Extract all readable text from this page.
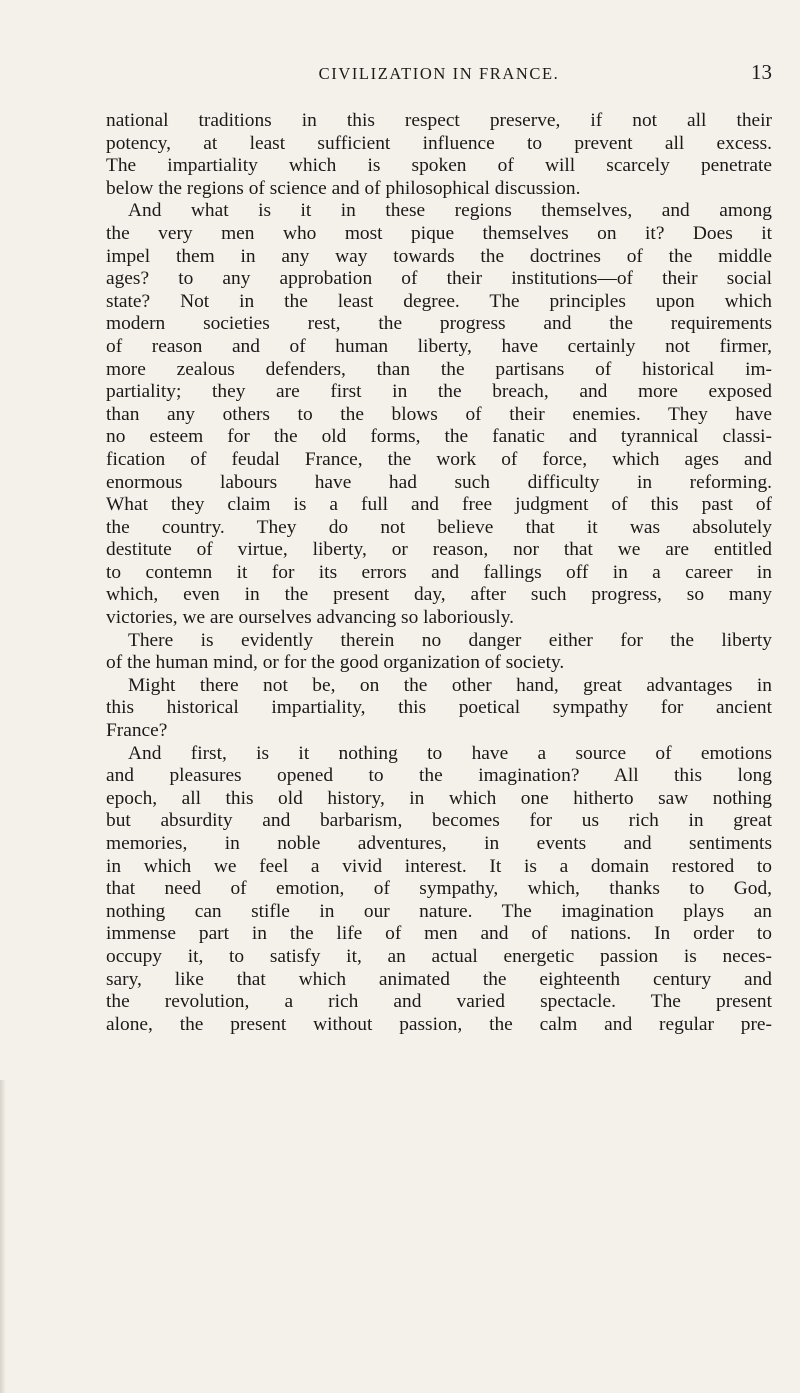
CIVILIZATION IN FRANCE.	13
national traditions in this respect preserve, if not all their
potency, at least sufficient influence to prevent all excess.
The impartiality which is spoken of will scarcely penetrate
below the regions of science and of philosophical discussion.
And what is it in these regions themselves, and among
the very men who most pique themselves on it? Does it
impel them in any way towards the doctrines of the middle
ages? to any approbation of their institutions—of their social
state? Not in the least degree. The principles upon which
modern societies rest, the progress and the requirements
of reason and of human liberty, have certainly not firmer,
more zealous defenders, than the partisans of historical im-
partiality; they are first in the breach, and more exposed
than any others to the blows of their enemies. They have
no esteem for the old forms, the fanatic and tyrannical classi-
fication of feudal France, the work of force, which ages and
enormous labours have had such difficulty in reforming.
What they claim is a full and free judgment of this past of
the country. They do not believe that it was absolutely
destitute of virtue, liberty, or reason, nor that we are entitled
to contemn it for its errors and fallings off in a career in
which, even in the present day, after such progress, so many
victories, we are ourselves advancing so laboriously.
There is evidently therein no danger either for the liberty
of the human mind, or for the good organization of society.
Might there not be, on the other hand, great advantages in
this historical impartiality, this poetical sympathy for ancient
France?
And first, is it nothing to have a source of emotions
and pleasures opened to the imagination? All this long
epoch, all this old history, in which one hitherto saw nothing
but absurdity and barbarism, becomes for us rich in great
memories, in noble adventures, in events and sentiments
in which we feel a vivid interest. It is a domain restored to
that need of emotion, of sympathy, which, thanks to God,
nothing can stifle in our nature. The imagination plays an
immense part in the life of men and of nations. In order to
occupy it, to satisfy it, an actual energetic passion is neces-
sary, like that which animated the eighteenth century and
the revolution, a rich and varied spectacle. The present
alone, the present without passion, the calm and regular pre-
